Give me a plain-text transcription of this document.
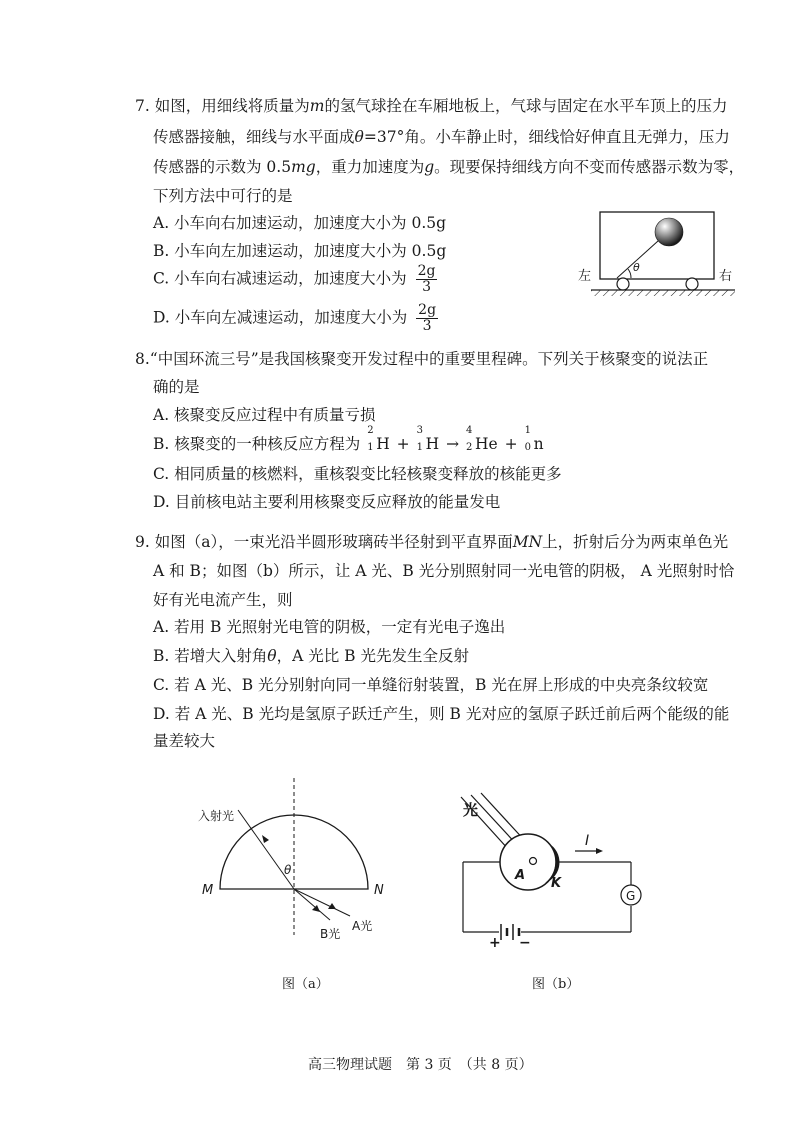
7. 如图，用细线将质量为m的氢气球拴在车厢地板上，气球与固定在水平车顶上的压力
传感器接触，细线与水平面成θ=37°角。小车静止时，细线恰好伸直且无弹力，压力
传感器的示数为 0.5mg，重力加速度为g。现要保持细线方向不变而传感器示数为零，
下列方法中可行的是
A. 小车向右加速运动，加速度大小为 0.5g
B. 小车向左加速运动，加速度大小为 0.5g
C. 小车向右减速运动，加速度大小为 $\frac{2g}{3}$
D. 小车向左减速运动，加速度大小为 $\frac{2g}{3}$
θ
左	右
8.“中国环流三号”是我国核聚变开发过程中的重要里程碑。下列关于核聚变的说法正
确的是
A. 核聚变反应过程中有质量亏损
B. 核聚变的一种核反应方程为
2
1 H +
3
1 H →
4
2 He +
1
0 n
C. 相同质量的核燃料，重核裂变比轻核聚变释放的核能更多
D. 目前核电站主要利用核聚变反应释放的能量发电
9. 如图（a），一束光沿半圆形玻璃砖半径射到平直界面MN上，折射后分为两束单色光
A 和 B；如图（b）所示，让 A 光、B 光分别照射同一光电管的阴极， A 光照射时恰
好有光电流产生，则
A. 若用 B 光照射光电管的阴极，一定有光电子逸出
B. 若增大入射角θ，A 光比 B 光先发生全反射
C. 若 A 光、B 光分别射向同一单缝衍射装置，B 光在屏上形成的中央亮条纹较宽
D. 若 A 光、B 光均是氢原子跃迁产生，则 B 光对应的氢原子跃迁前后两个能级的能
量差较大
入射光
θ
M	N
A光
B光
图（a）
光
I
A
K
G
+ −
图（b）
高三物理试题　第 3 页　（共 8 页）
